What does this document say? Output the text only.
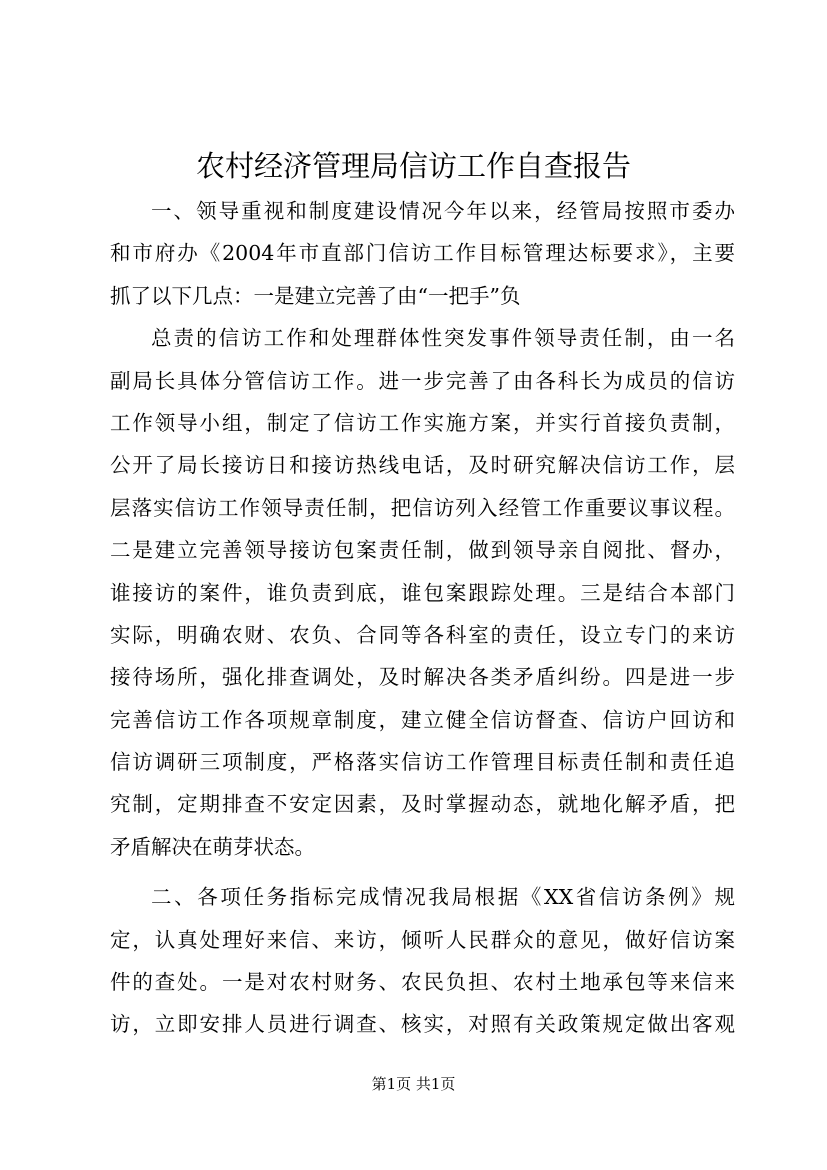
农村经济管理局信访工作自查报告
一、领导重视和制度建设情况今年以来，经管局按照市委办
和市府办《2004年市直部门信访工作目标管理达标要求》，主要
抓了以下几点：一是建立完善了由“一把手”负
总责的信访工作和处理群体性突发事件领导责任制，由一名
副局长具体分管信访工作。进一步完善了由各科长为成员的信访
工作领导小组，制定了信访工作实施方案，并实行首接负责制，
公开了局长接访日和接访热线电话，及时研究解决信访工作，层
层落实信访工作领导责任制，把信访列入经管工作重要议事议程。
二是建立完善领导接访包案责任制，做到领导亲自阅批、督办，
谁接访的案件，谁负责到底，谁包案跟踪处理。三是结合本部门
实际，明确农财、农负、合同等各科室的责任，设立专门的来访
接待场所，强化排查调处，及时解决各类矛盾纠纷。四是进一步
完善信访工作各项规章制度，建立健全信访督查、信访户回访和
信访调研三项制度，严格落实信访工作管理目标责任制和责任追
究制，定期排查不安定因素，及时掌握动态，就地化解矛盾，把
矛盾解决在萌芽状态。
二、各项任务指标完成情况我局根据《XX省信访条例》规
定，认真处理好来信、来访，倾听人民群众的意见，做好信访案
件的查处。一是对农村财务、农民负担、农村土地承包等来信来
访，立即安排人员进行调查、核实，对照有关政策规定做出客观
第1页 共1页
